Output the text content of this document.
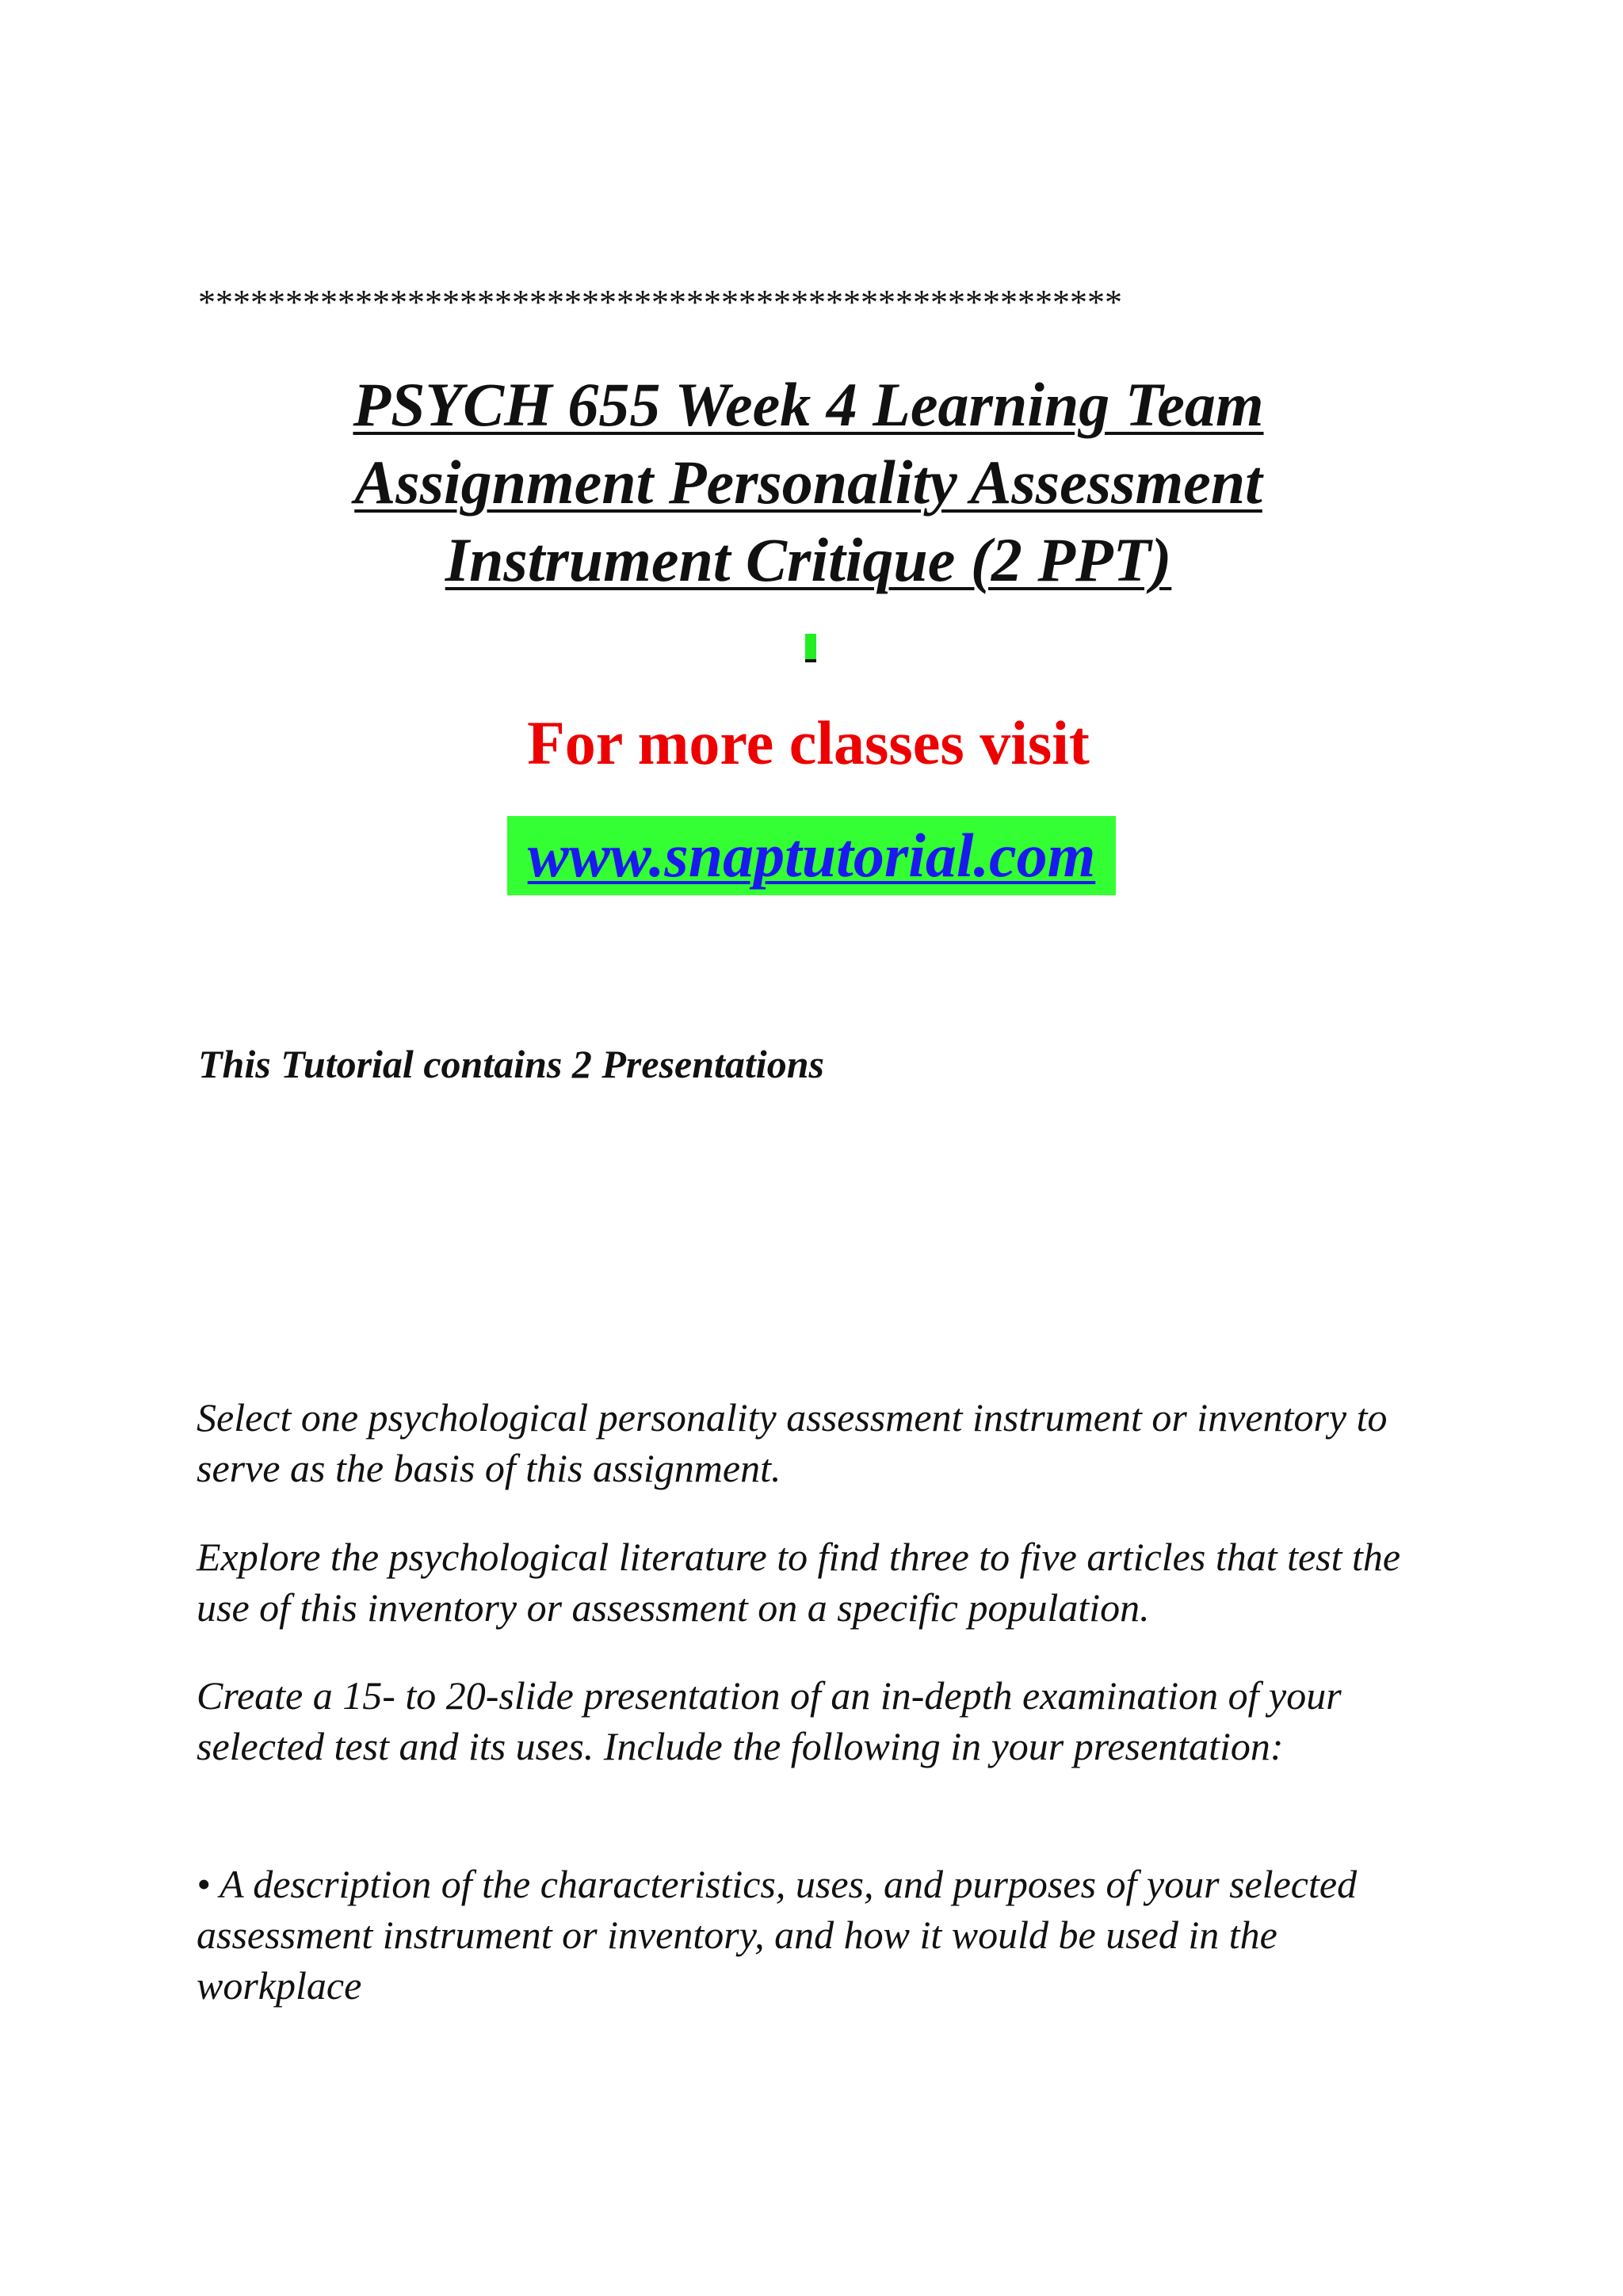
*****************************************************
PSYCH 655 Week 4 Learning Team
Assignment Personality Assessment
Instrument Critique (2 PPT)
For more classes visit
www.snaptutorial.com
This Tutorial contains 2 Presentations

Select one psychological personality assessment instrument or inventory to serve as the basis of this assignment.

Explore the psychological literature to find three to five articles that test the use of this inventory or assessment on a specific population.

Create a 15- to 20-slide presentation of an in-depth examination of your selected test and its uses. Include the following in your presentation:

• A description of the characteristics, uses, and purposes of your selected assessment instrument or inventory, and how it would be used in the workplace
